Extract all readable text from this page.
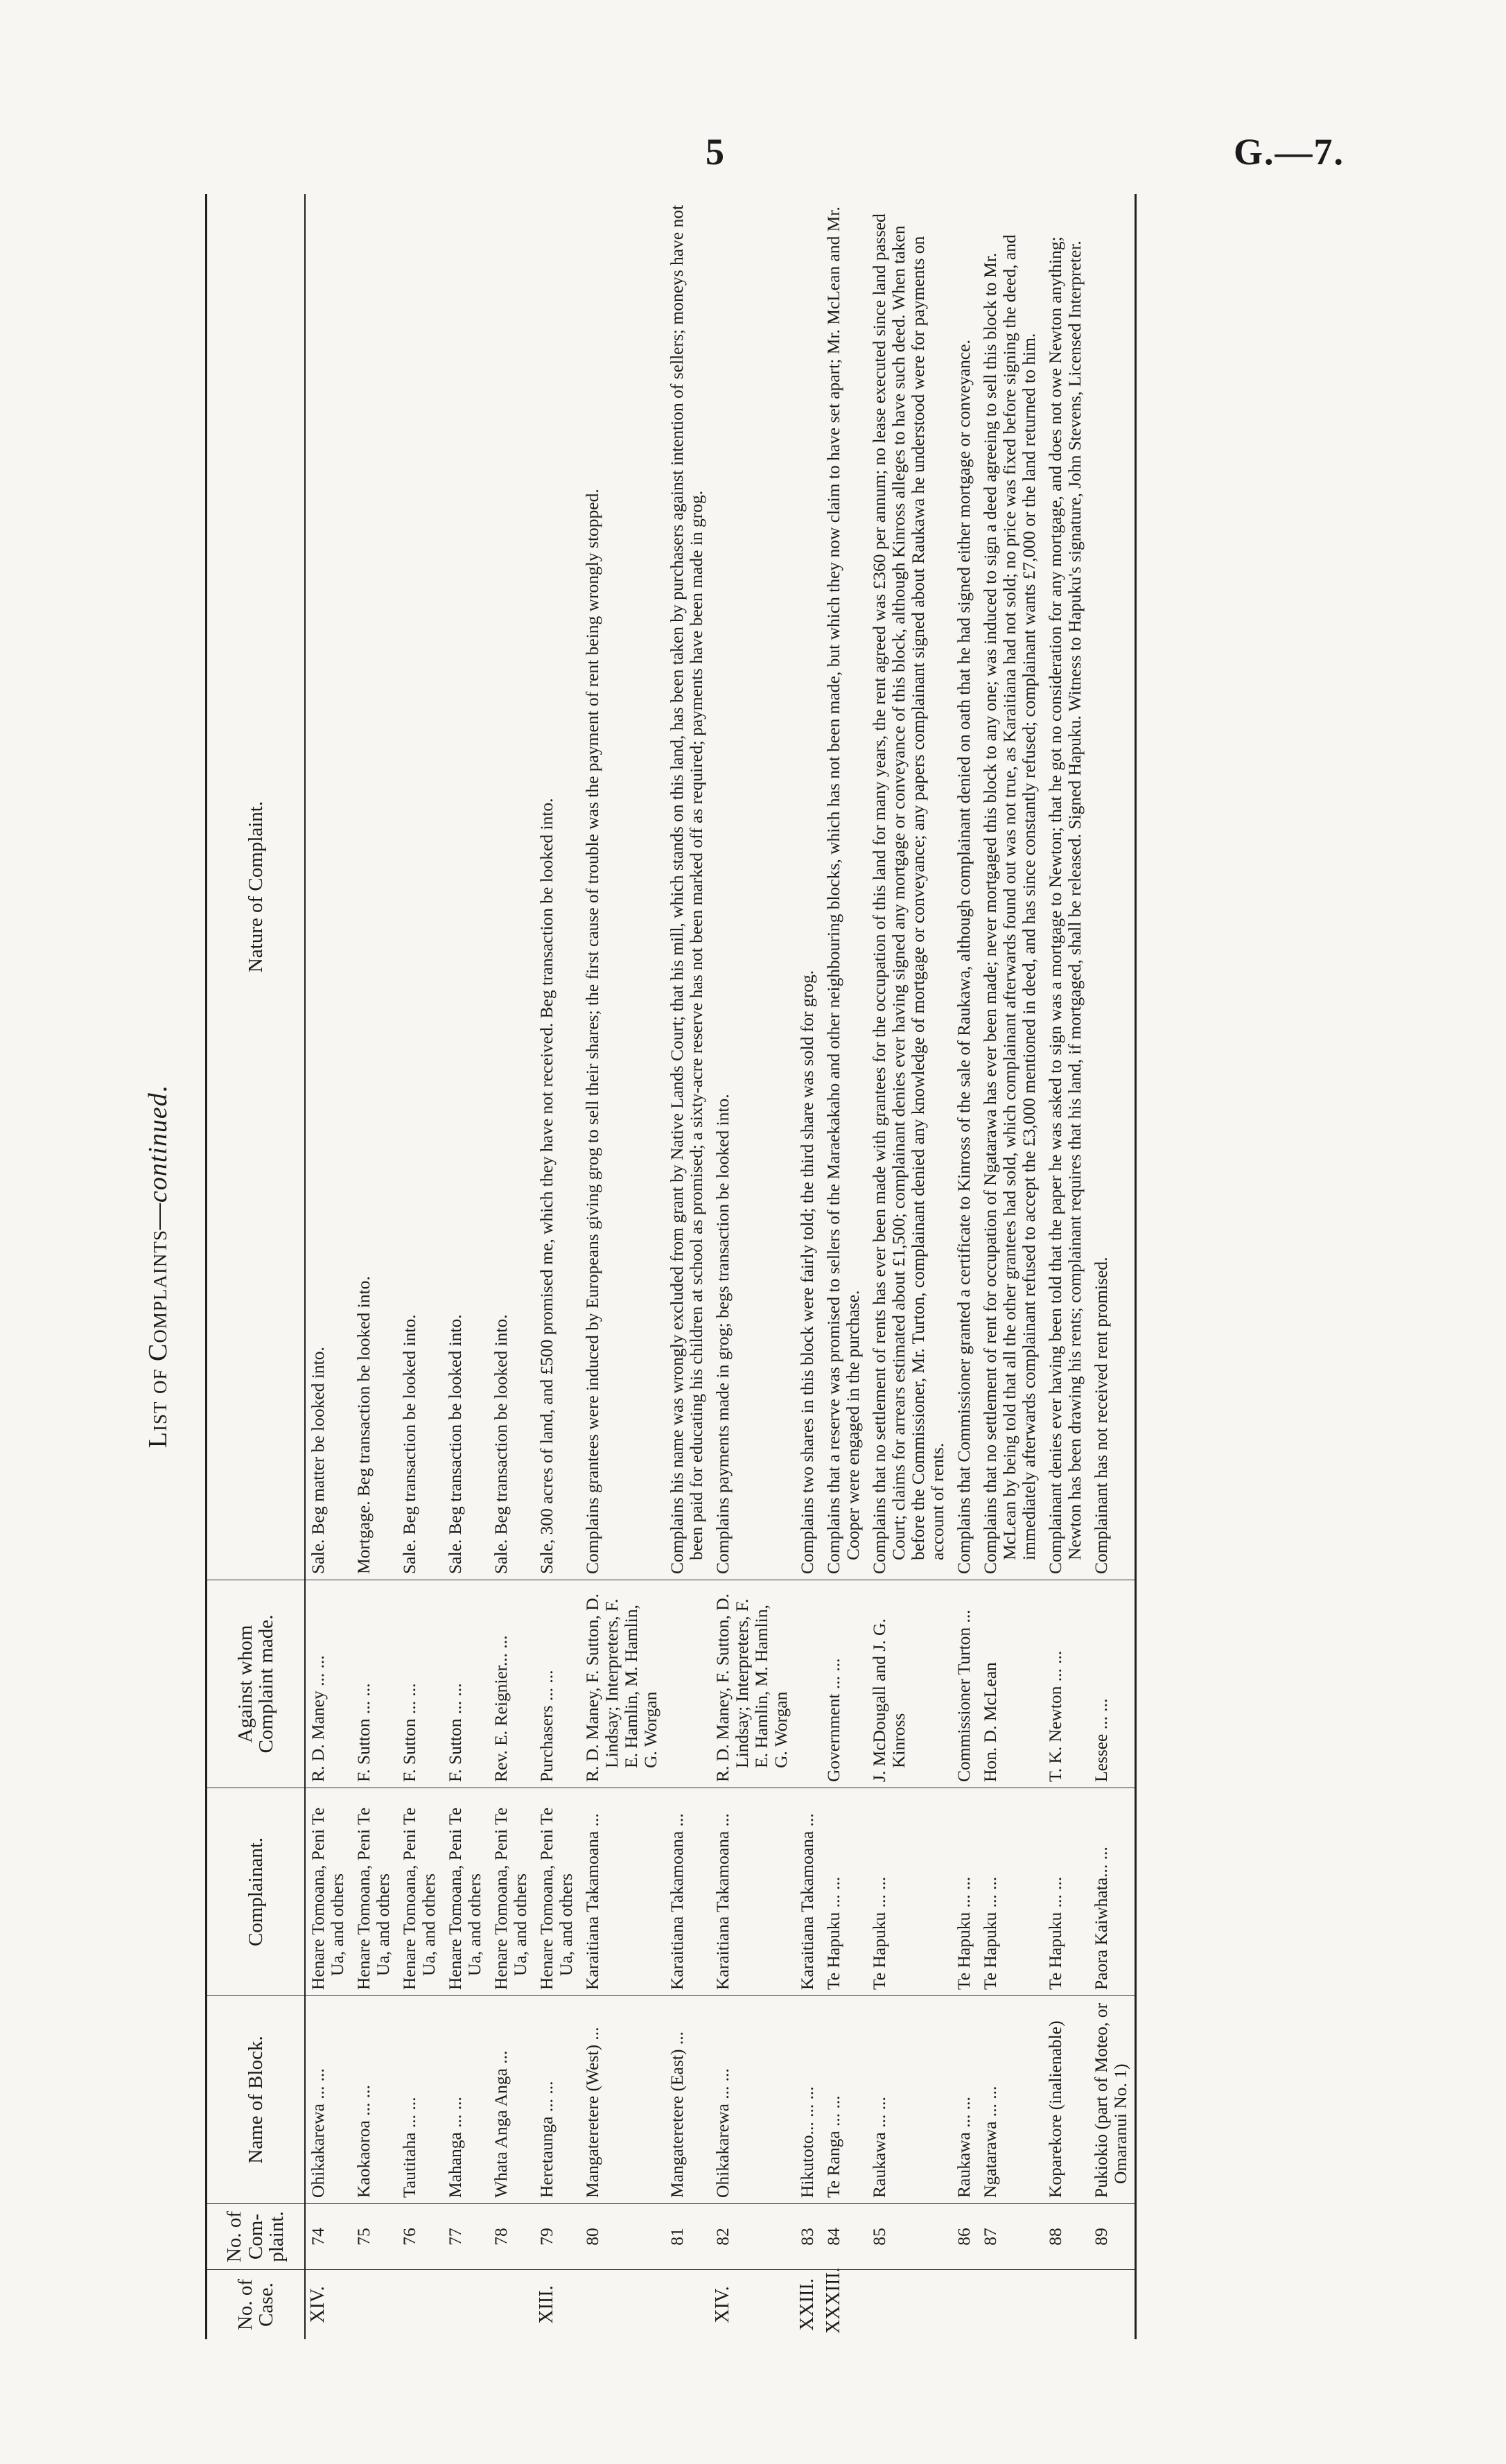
5	G.—7.
List of Complaints—continued.
No. of Case.
No. of Com-plaint.
Name of Block.
Complainant.
Against whom Complaint made.
Nature of Complaint.
XIV.
74
Ohikakarewa ... ...
Henare Tomoana, Peni Te Ua, and others
R. D. Maney ... ...
Sale. Beg matter be looked into.
75
Kaokaoroa ... ...
Henare Tomoana, Peni Te Ua, and others
F. Sutton ... ...
Mortgage. Beg transaction be looked into.
76
Tautitaha ... ...
Henare Tomoana, Peni Te Ua, and others
F. Sutton ... ...
Sale. Beg transaction be looked into.
77
Mahanga ... ...
Henare Tomoana, Peni Te Ua, and others
F. Sutton ... ...
Sale. Beg transaction be looked into.
78
Whata Anga Anga ...
Henare Tomoana, Peni Te Ua, and others
Rev. E. Reignier... ...
Sale. Beg transaction be looked into.
XIII.
79
Heretaunga ... ...
Henare Tomoana, Peni Te Ua, and others
Purchasers ... ...
Sale, 300 acres of land, and £500 promised me, which they have not received. Beg transaction be looked into.
80
Mangateretere (West) ...
Karaitiana Takamoana ...
R. D. Maney, F. Sutton, D. Lindsay; Interpreters, F. E. Hamlin, M. Hamlin, G. Worgan
Complains grantees were induced by Europeans giving grog to sell their shares; the first cause of trouble was the payment of rent being wrongly stopped.
81
Mangateretere (East) ...
Karaitiana Takamoana ...
Complains his name was wrongly excluded from grant by Native Lands Court; that his mill, which stands on this land, has been taken by purchasers against intention of sellers; moneys have not been paid for educating his children at school as promised; a sixty-acre reserve has not been marked off as required; payments have been made in grog.
XIV.
82
Ohikakarewa ... ...
Karaitiana Takamoana ...
R. D. Maney, F. Sutton, D. Lindsay; Interpreters, F. E. Hamlin, M. Hamlin, G. Worgan
Complains payments made in grog; begs transaction be looked into.
XXIII.
83
Hikutoto... ... ...
Karaitiana Takamoana ...
Complains two shares in this block were fairly told; the third share was sold for grog.
XXXIII.
84
Te Ranga ... ...
Te Hapuku ... ...
Government ... ...
Complains that a reserve was promised to sellers of the Maraekakaho and other neighbouring blocks, which has not been made, but which they now claim to have set apart; Mr. McLean and Mr. Cooper were engaged in the purchase.
85
Raukawa ... ...
Te Hapuku ... ...
J. McDougall and J. G. Kinross
Complains that no settlement of rents has ever been made with grantees for the occupation of this land for many years, the rent agreed was £360 per annum; no lease executed since land passed Court; claims for arrears estimated about £1,500; complainant denies ever having signed any mortgage or conveyance of this block, although Kinross alleges to have such deed. When taken before the Commissioner, Mr. Turton, complainant denied any knowledge of mortgage or conveyance; any papers complainant signed about Raukawa he understood were for payments on account of rents.
86
Raukawa ... ...
Te Hapuku ... ...
Commissioner Turton ...
Complains that Commissioner granted a certificate to Kinross of the sale of Raukawa, although complainant denied on oath that he had signed either mortgage or conveyance.
87
Ngatarawa ... ...
Te Hapuku ... ...
Hon. D. McLean
Complains that no settlement of rent for occupation of Ngatarawa has ever been made; never mortgaged this block to any one; was induced to sign a deed agreeing to sell this block to Mr. McLean by being told that all the other grantees had sold, which complainant afterwards found out was not true, as Karaitiana had not sold; no price was fixed before signing the deed, and immediately afterwards complainant refused to accept the £3,000 mentioned in deed, and has since constantly refused; complainant wants £7,000 or the land returned to him.
88
Koparekore (inalienable)
Te Hapuku ... ...
T. K. Newton ... ...
Complainant denies ever having been told that the paper he was asked to sign was a mortgage to Newton; that he got no consideration for any mortgage, and does not owe Newton anything; Newton has been drawing his rents; complainant requires that his land, if mortgaged, shall be released. Signed Hapuku. Witness to Hapuku's signature, John Stevens, Licensed Interpreter.
89
Pukiokio (part of Moteo, or Omaranui No. 1)
Paora Kaiwhata... ...
Lessee ... ...
Complainant has not received rent promised.
